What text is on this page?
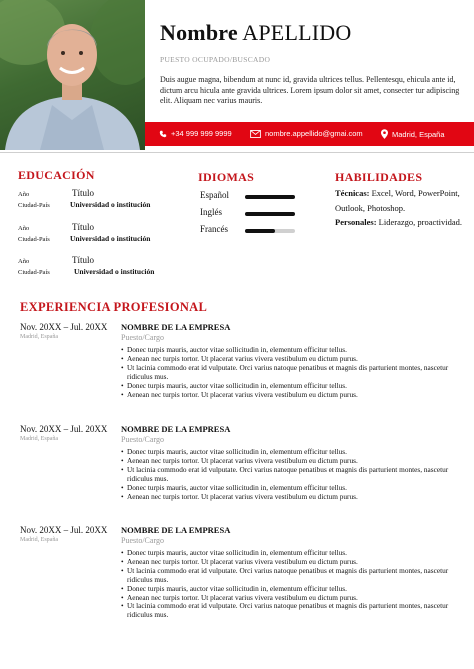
Nombre APELLIDO
PUESTO OCUPADO/BUSCADO
Duis augue magna, bibendum at nunc id, gravida ultrices tellus. Pellentesqu, ehicula ante id, dictum arcu hicula ante gravida ultrices. Lorem ipsum dolor sit amet, consecter tur adipiscing elit. Aliquam nec varius mauris.
+34 999 999 9999	nombre.appellido@gmai.com	Madrid, España
EDUCACIÓN
Año
Ciudad-País
Título
Universidad o institución
Año
Ciudad-País
Título
Universidad o institución
Año
Ciudad-País
Título
Universidad o institución
IDIOMAS
Español
Inglés
Francés
HABILIDADES
Técnicas: Excel, Word, PowerPoint, Outlook, Photoshop.
Personales: Liderazgo, proactividad.
EXPERIENCIA PROFESIONAL
Nov. 20XX – Jul. 20XX
Madrid, España
NOMBRE DE LA EMPRESA
Puesto/Cargo
• Donec turpis mauris, auctor vitae sollicitudin in, elementum efficitur tellus.
• Aenean nec turpis tortor. Ut placerat varius vivera vestibulum eu dictum purus.
• Ut lacinia commodo erat id vulputate. Orci varius natoque penatibus et magnis dis parturient montes, nascetur ridiculus mus.
• Donec turpis mauris, auctor vitae sollicitudin in, elementum efficitur tellus.
• Aenean nec turpis tortor. Ut placerat varius vivera vestibulum eu dictum purus.
Nov. 20XX – Jul. 20XX
Madrid, España
NOMBRE DE LA EMPRESA
Puesto/Cargo
• Donec turpis mauris, auctor vitae sollicitudin in, elementum efficitur tellus.
• Aenean nec turpis tortor. Ut placerat varius vivera vestibulum eu dictum purus.
• Ut lacinia commodo erat id vulputate. Orci varius natoque penatibus et magnis dis parturient montes, nascetur ridiculus mus.
• Donec turpis mauris, auctor vitae sollicitudin in, elementum efficitur tellus.
• Aenean nec turpis tortor. Ut placerat varius vivera vestibulum eu dictum purus.
Nov. 20XX – Jul. 20XX
Madrid, España
NOMBRE DE LA EMPRESA
Puesto/Cargo
• Donec turpis mauris, auctor vitae sollicitudin in, elementum efficitur tellus.
• Aenean nec turpis tortor. Ut placerat varius vivera vestibulum eu dictum purus.
• Ut lacinia commodo erat id vulputate. Orci varius natoque penatibus et magnis dis parturient montes, nascetur ridiculus mus.
• Donec turpis mauris, auctor vitae sollicitudin in, elementum efficitur tellus.
• Aenean nec turpis tortor. Ut placerat varius vivera vestibulum eu dictum purus.
• Ut lacinia commodo erat id vulputate. Orci varius natoque penatibus et magnis dis parturient montes, nascetur ridiculus mus.
